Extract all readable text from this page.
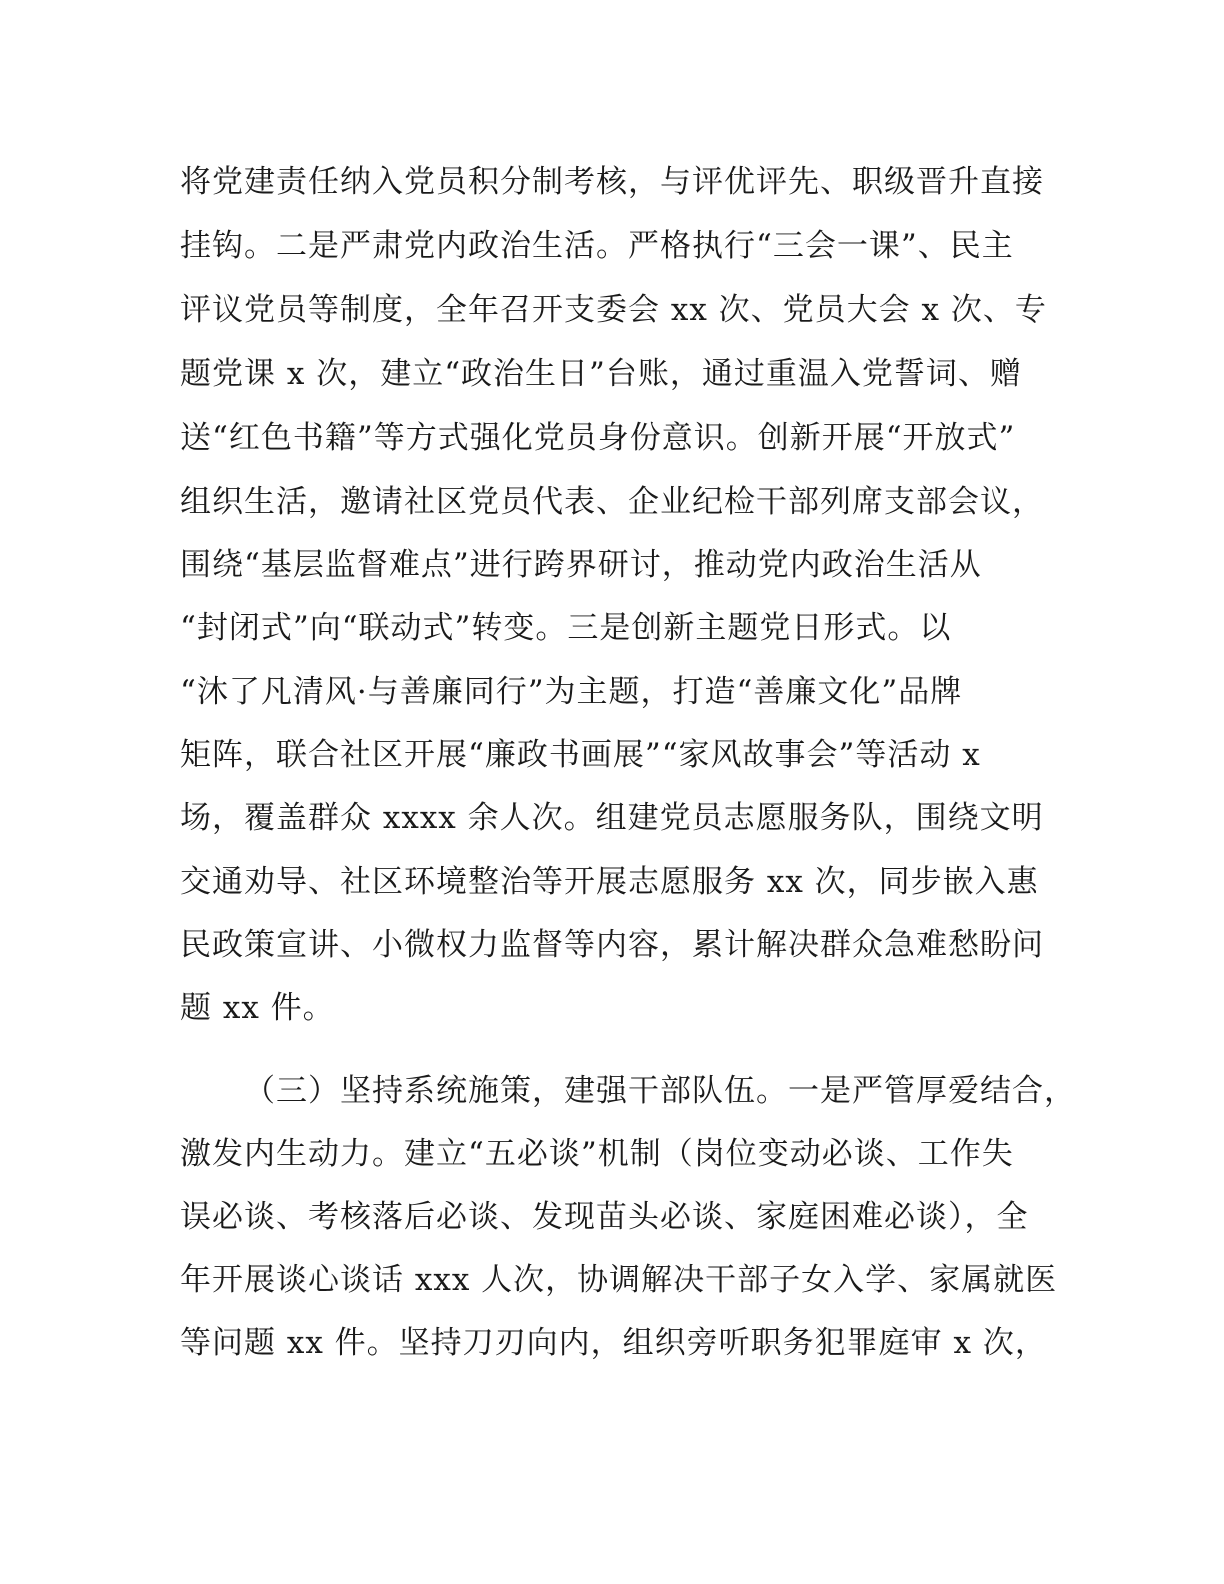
将党建责任纳入党员积分制考核，与评优评先、职级晋升直接
挂钩。二是严肃党内政治生活。严格执行“三会一课”、民主
评议党员等制度，全年召开支委会 xx 次、党员大会 x 次、专
题党课 x 次，建立“政治生日”台账，通过重温入党誓词、赠
送“红色书籍”等方式强化党员身份意识。创新开展“开放式”
组织生活，邀请社区党员代表、企业纪检干部列席支部会议，
围绕“基层监督难点”进行跨界研讨，推动党内政治生活从
“封闭式”向“联动式”转变。三是创新主题党日形式。以
“沐了凡清风·与善廉同行”为主题，打造“善廉文化”品牌
矩阵，联合社区开展“廉政书画展”“家风故事会”等活动 x
场，覆盖群众 xxxx 余人次。组建党员志愿服务队，围绕文明
交通劝导、社区环境整治等开展志愿服务 xx 次，同步嵌入惠
民政策宣讲、小微权力监督等内容，累计解决群众急难愁盼问
题 xx 件。
（三）坚持系统施策，建强干部队伍。一是严管厚爱结合，
激发内生动力。建立“五必谈”机制（岗位变动必谈、工作失
误必谈、考核落后必谈、发现苗头必谈、家庭困难必谈），全
年开展谈心谈话 xxx 人次，协调解决干部子女入学、家属就医
等问题 xx 件。坚持刀刃向内，组织旁听职务犯罪庭审 x 次，
